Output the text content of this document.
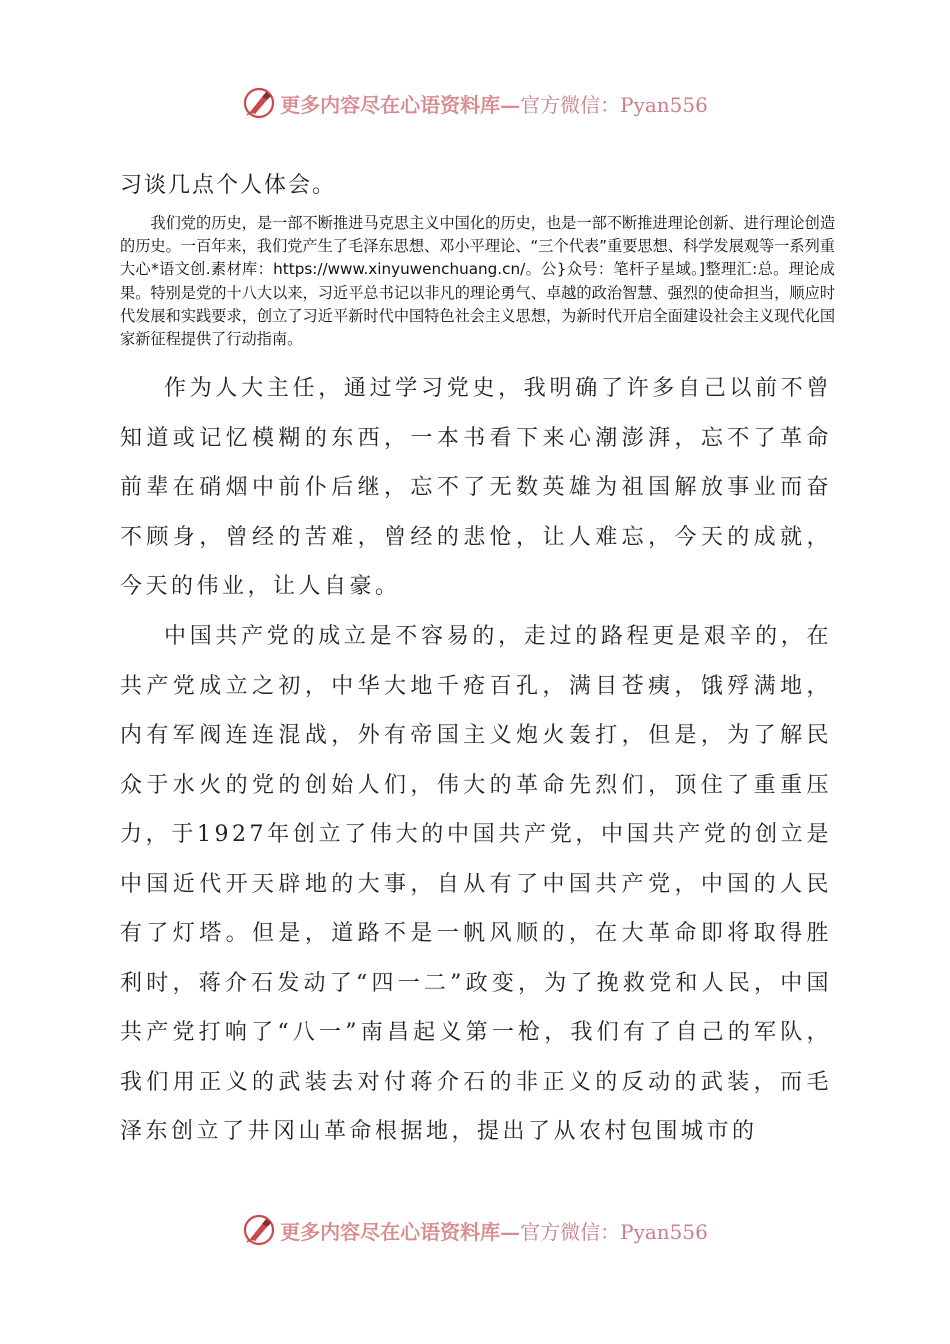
更多内容尽在心语资料库— 官方微信：Pyan556
习谈几点个人体会。

我们党的历史，是一部不断推进马克思主义中国化的历史，也是一部不断推进理论创新、进行理论创造的历史。一百年来，我们党产生了毛泽东思想、邓小平理论、“三个代表”重要思想、科学发展观等一系列重大心*语文创.素材库：https://www.xinyuwenchuang.cn/。公}众号：笔杆子星域。]整理汇:总。理论成果。特别是党的十八大以来，习近平总书记以非凡的理论勇气、卓越的政治智慧、强烈的使命担当，顺应时代发展和实践要求，创立了习近平新时代中国特色社会主义思想，为新时代开启全面建设社会主义现代化国家新征程提供了行动指南。

作为人大主任，通过学习党史，我明确了许多自己以前不曾知道或记忆模糊的东西，一本书看下来心潮澎湃，忘不了革命前辈在硝烟中前仆后继，忘不了无数英雄为祖国解放事业而奋不顾身，曾经的苦难，曾经的悲怆，让人难忘，今天的成就，今天的伟业，让人自豪。

中国共产党的成立是不容易的，走过的路程更是艰辛的，在共产党成立之初，中华大地千疮百孔，满目苍痍，饿殍满地，内有军阀连连混战，外有帝国主义炮火轰打，但是，为了解民众于水火的党的创始人们，伟大的革命先烈们，顶住了重重压力，于1927年创立了伟大的中国共产党，中国共产党的创立是中国近代开天辟地的大事，自从有了中国共产党，中国的人民有了灯塔。但是，道路不是一帆风顺的，在大革命即将取得胜利时，蒋介石发动了“四一二”政变，为了挽救党和人民，中国共产党打响了“八一”南昌起义第一枪，我们有了自己的军队，我们用正义的武装去对付蒋介石的非正义的反动的武装，而毛泽东创立了井冈山革命根据地，提出了从农村包围城市的

更多内容尽在心语资料库— 官方微信：Pyan556
